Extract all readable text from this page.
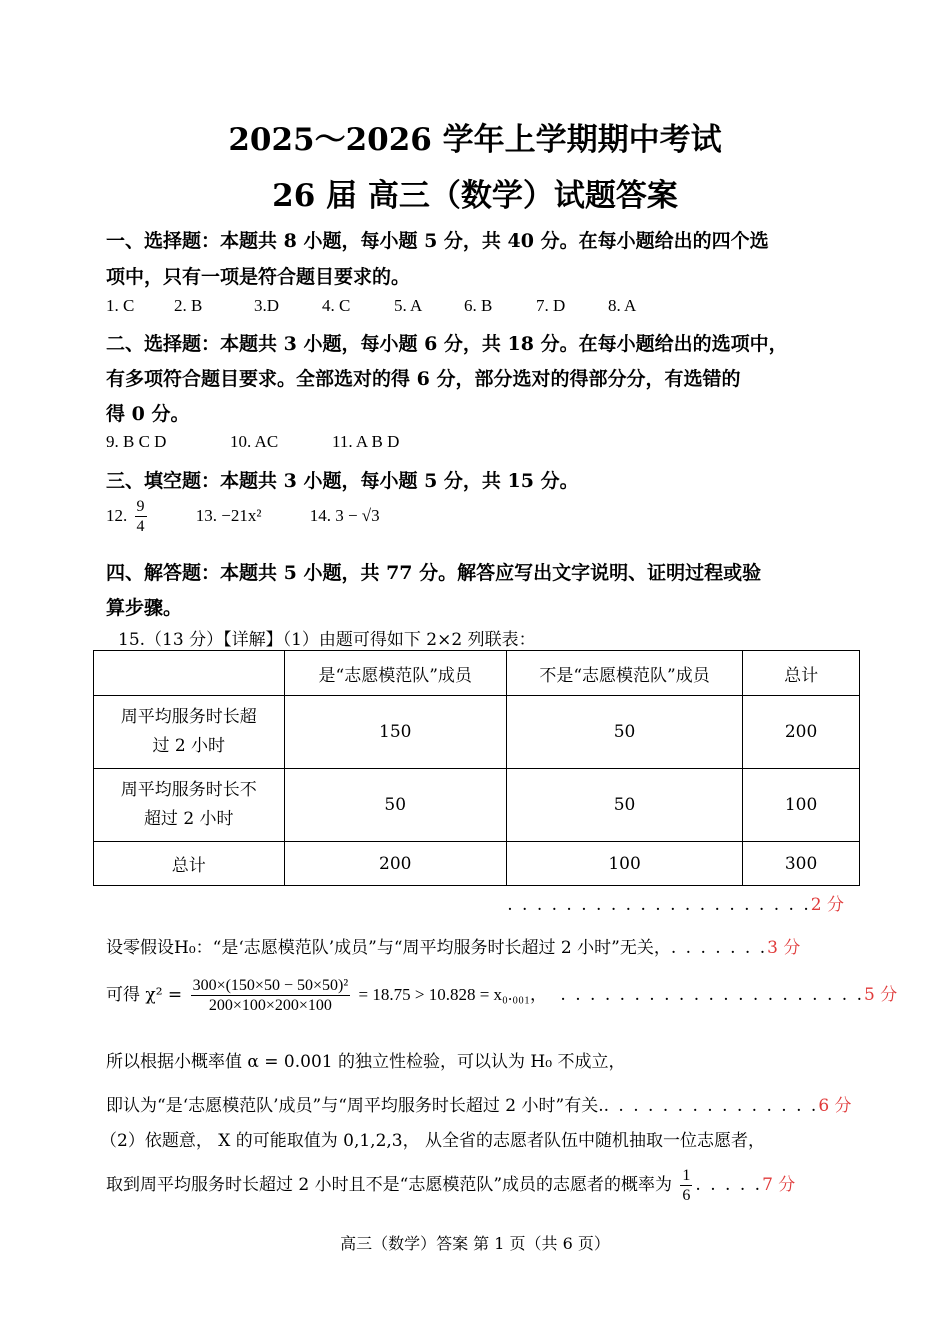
2025～2026 学年上学期期中考试
26 届 高三（数学）试题答案
一、选择题：本题共 8 小题，每小题 5 分，共 40 分。在每小题给出的四个选
项中，只有一项是符合题目要求的。
1. C 2. B	3.D	4. C	5. A 6. B	7. D	8. A
二、选择题：本题共 3 小题，每小题 6 分，共 18 分。在每小题给出的选项中，
有多项符合题目要求。全部选对的得 6 分，部分选对的得部分分，有选错的
得 0 分。
9. B C D	10. AC	11. A B D
三、填空题：本题共 3 小题，每小题 5 分，共 15 分。
12. $\frac{9}{4}$	13. −21x²	14. 3 − √3
四、解答题：本题共 5 小题，共 77 分。解答应写出文字说明、证明过程或验
算步骤。
15.（13 分）【详解】（1）由题可得如下 2×2 列联表：
	是“志愿模范队”成员	不是“志愿模范队”成员	总计
周平均服务时长超
过 2 小时	150	50	200
周平均服务时长不
超过 2 小时	50	50	100
总计	200	100	300
. . . . . . . . . . . . . . . . . . . . .2 分
设零假设H₀：“是‘志愿模范队’成员”与“周平均服务时长超过 2 小时”无关，. . . . . . .3 分
可得 $\chi^2 = \frac{\text{300×(150×50 − 50×50)²}}{200\times 100\times 200\times 100} = 18.75 > 10.828 = x_0._{001}$， . . . . . . . . . . . . . . . . . . . . .5 分
所以根据小概率值 α = 0.001 的独立性检验，可以认为 H₀ 不成立，
即认为“是‘志愿模范队’成员”与“周平均服务时长超过 2 小时”有关.. . . . . . . . . . . . . . .6 分
（2）依题意， X 的可能取值为 0,1,2,3， 从全省的志愿者队伍中随机抽取一位志愿者，
取到周平均服务时长超过 2 小时且不是“志愿模范队”成员的志愿者的概率为 $\frac{1}{6}$ . . . . .7 分
高三（数学）答案 第 1 页（共 6 页）
